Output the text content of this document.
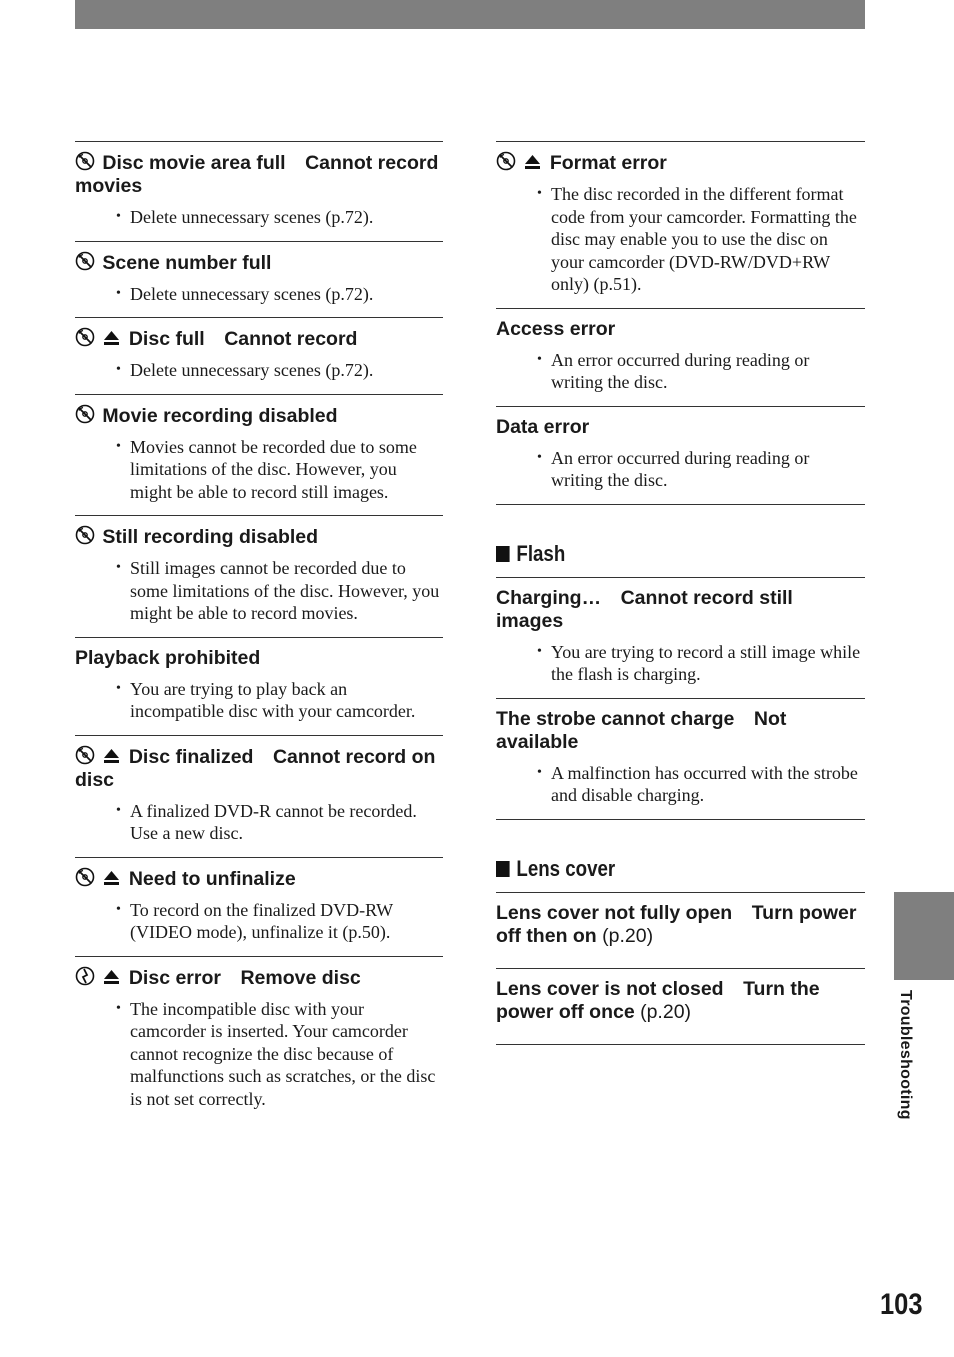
Disc movie area full Cannot record movies

• Delete unnecessary scenes (p.72).

Scene number full

• Delete unnecessary scenes (p.72).

Disc full Cannot record

• Delete unnecessary scenes (p.72).

Movie recording disabled

• Movies cannot be recorded due to some limitations of the disc. However, you might be able to record still images.

Still recording disabled

• Still images cannot be recorded due to some limitations of the disc. However, you might be able to record movies.

Playback prohibited

• You are trying to play back an incompatible disc with your camcorder.

Disc finalized Cannot record on disc

• A finalized DVD-R cannot be recorded. Use a new disc.

Need to unfinalize

• To record on the finalized DVD-RW (VIDEO mode), unfinalize it (p.50).

Disc error Remove disc

• The incompatible disc with your camcorder is inserted. Your camcorder cannot recognize the disc because of malfunctions such as scratches, or the disc is not set correctly.

Format error

• The disc recorded in the different format code from your camcorder. Formatting the disc may enable you to use the disc on your camcorder (DVD-RW/DVD+RW only) (p.51).

Access error

• An error occurred during reading or writing the disc.

Data error

• An error occurred during reading or writing the disc.
Flash

Charging… Cannot record still images

• You are trying to record a still image while the flash is charging.

The strobe cannot charge Not available

• A malfinction has occurred with the strobe and disable charging.
Lens cover

Lens cover not fully open Turn power off then on (p.20)

Lens cover is not closed Turn the power off once (p.20)	Troubleshooting
103
